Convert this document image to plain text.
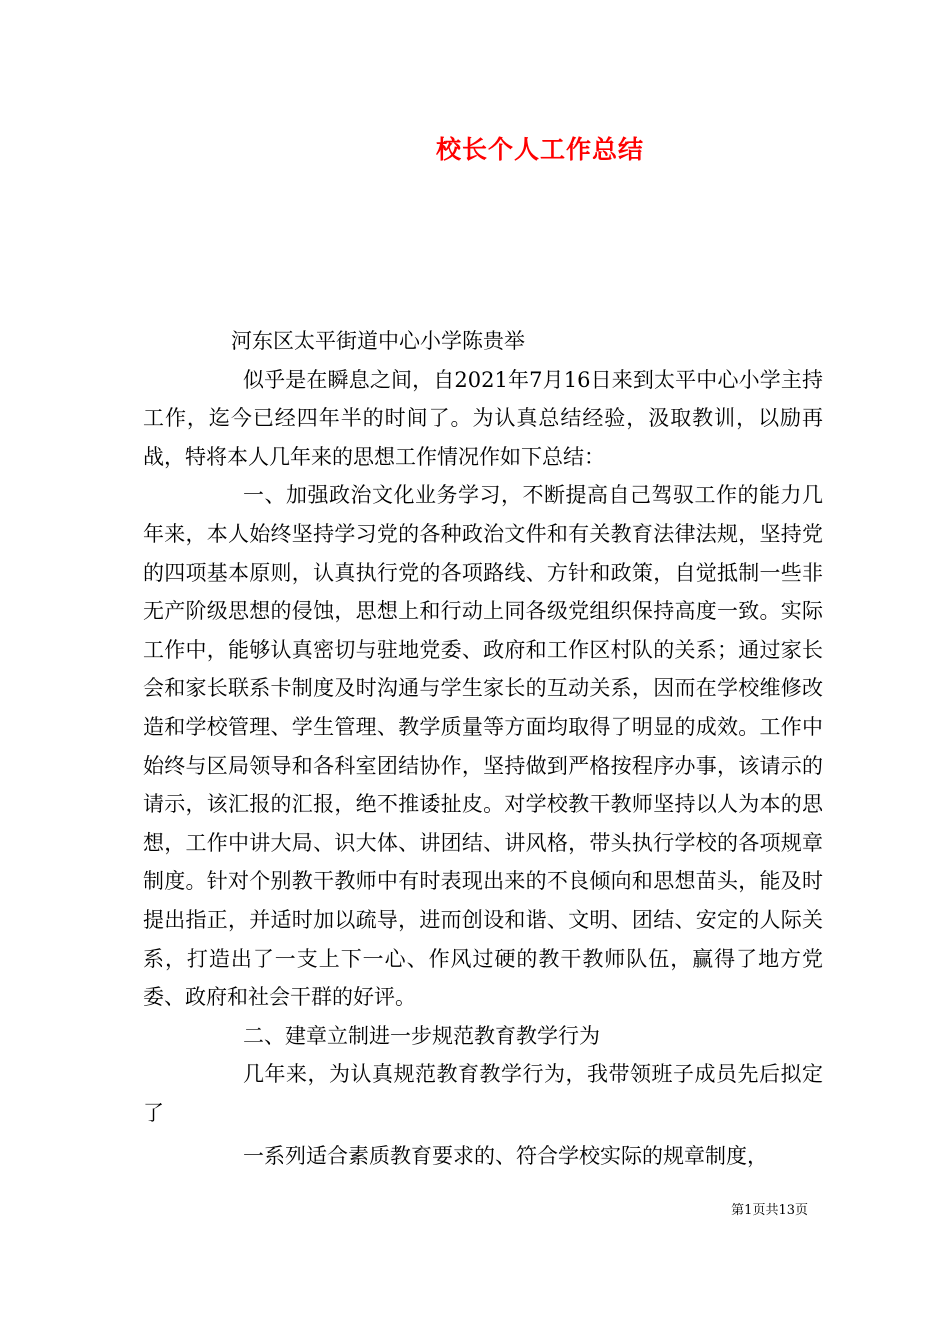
校长个人工作总结

河东区太平街道中心小学陈贵举

似乎是在瞬息之间，自2021年7月16日来到太平中心小学主持工作，迄今已经四年半的时间了。为认真总结经验，汲取教训，以励再战，特将本人几年来的思想工作情况作如下总结：

一、加强政治文化业务学习，不断提高自己驾驭工作的能力几年来，本人始终坚持学习党的各种政治文件和有关教育法律法规，坚持党的四项基本原则，认真执行党的各项路线、方针和政策，自觉抵制一些非无产阶级思想的侵蚀，思想上和行动上同各级党组织保持高度一致。实际工作中，能够认真密切与驻地党委、政府和工作区村队的关系；通过家长会和家长联系卡制度及时沟通与学生家长的互动关系，因而在学校维修改造和学校管理、学生管理、教学质量等方面均取得了明显的成效。工作中始终与区局领导和各科室团结协作，坚持做到严格按程序办事，该请示的请示，该汇报的汇报，绝不推诿扯皮。对学校教干教师坚持以人为本的思想，工作中讲大局、识大体、讲团结、讲风格，带头执行学校的各项规章制度。针对个别教干教师中有时表现出来的不良倾向和思想苗头，能及时提出指正，并适时加以疏导，进而创设和谐、文明、团结、安定的人际关系，打造出了一支上下一心、作风过硬的教干教师队伍，赢得了地方党委、政府和社会干群的好评。

二、建章立制进一步规范教育教学行为

几年来，为认真规范教育教学行为，我带领班子成员先后拟定了

一系列适合素质教育要求的、符合学校实际的规章制度，

第1页共13页
